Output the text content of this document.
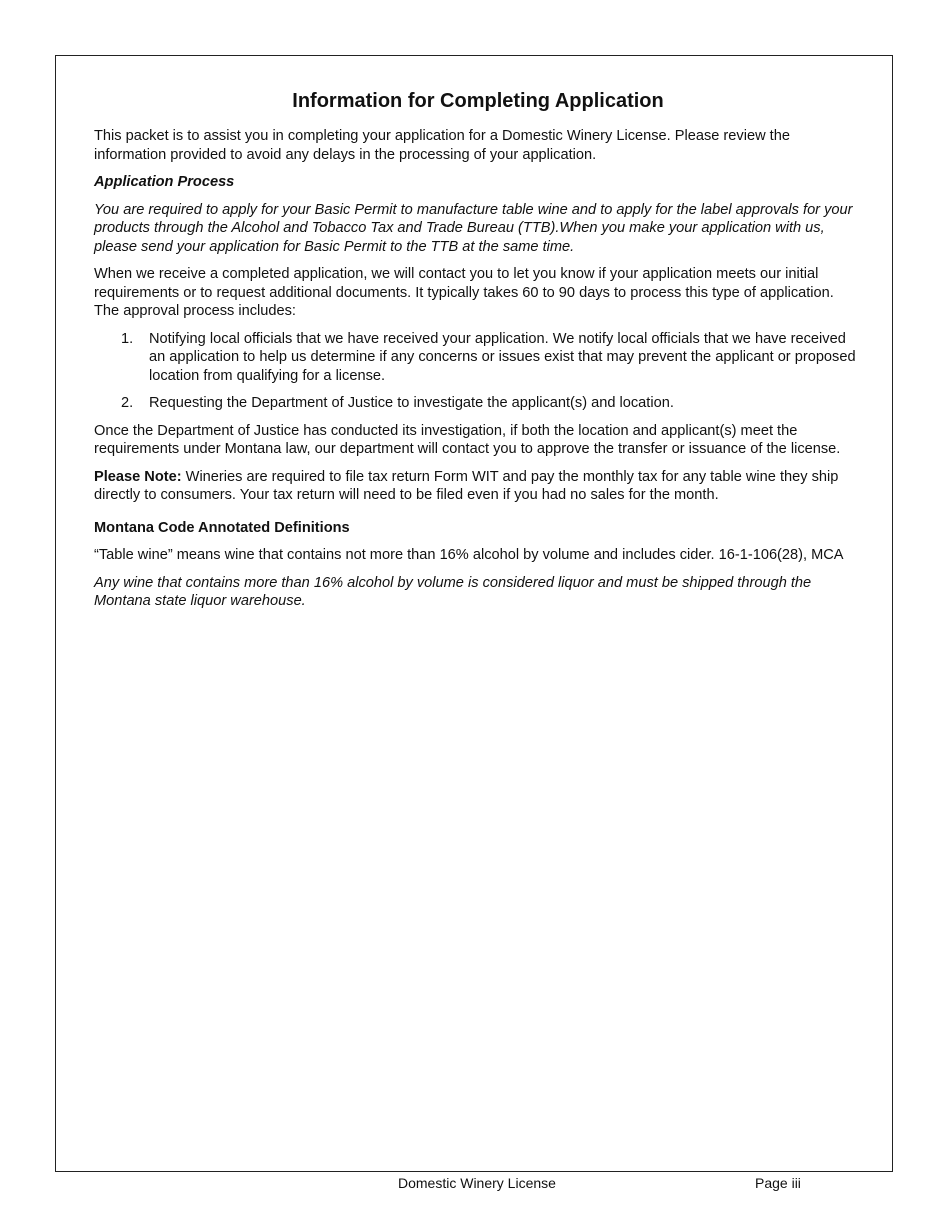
Information for Completing Application

This packet is to assist you in completing your application for a Domestic Winery License. Please review the information provided to avoid any delays in the processing of your application.

Application Process

You are required to apply for your Basic Permit to manufacture table wine and to apply for the label approvals for your products through the Alcohol and Tobacco Tax and Trade Bureau (TTB).When you make your application with us, please send your application for Basic Permit to the TTB at the same time.

When we receive a completed application, we will contact you to let you know if your application meets our initial requirements or to request additional documents. It typically takes 60 to 90 days to process this type of application. The approval process includes:

1. Notifying local officials that we have received your application. We notify local officials that we have received an application to help us determine if any concerns or issues exist that may prevent the applicant or proposed location from qualifying for a license.
2. Requesting the Department of Justice to investigate the applicant(s) and location.

Once the Department of Justice has conducted its investigation, if both the location and applicant(s) meet the requirements under Montana law, our department will contact you to approve the transfer or issuance of the license.

Please Note: Wineries are required to file tax return Form WIT and pay the monthly tax for any table wine they ship directly to consumers. Your tax return will need to be filed even if you had no sales for the month.

Montana Code Annotated Definitions

“Table wine” means wine that contains not more than 16% alcohol by volume and includes cider. 16-1-106(28), MCA

Any wine that contains more than 16% alcohol by volume is considered liquor and must be shipped through the Montana state liquor warehouse.

Domestic Winery License	Page iii
